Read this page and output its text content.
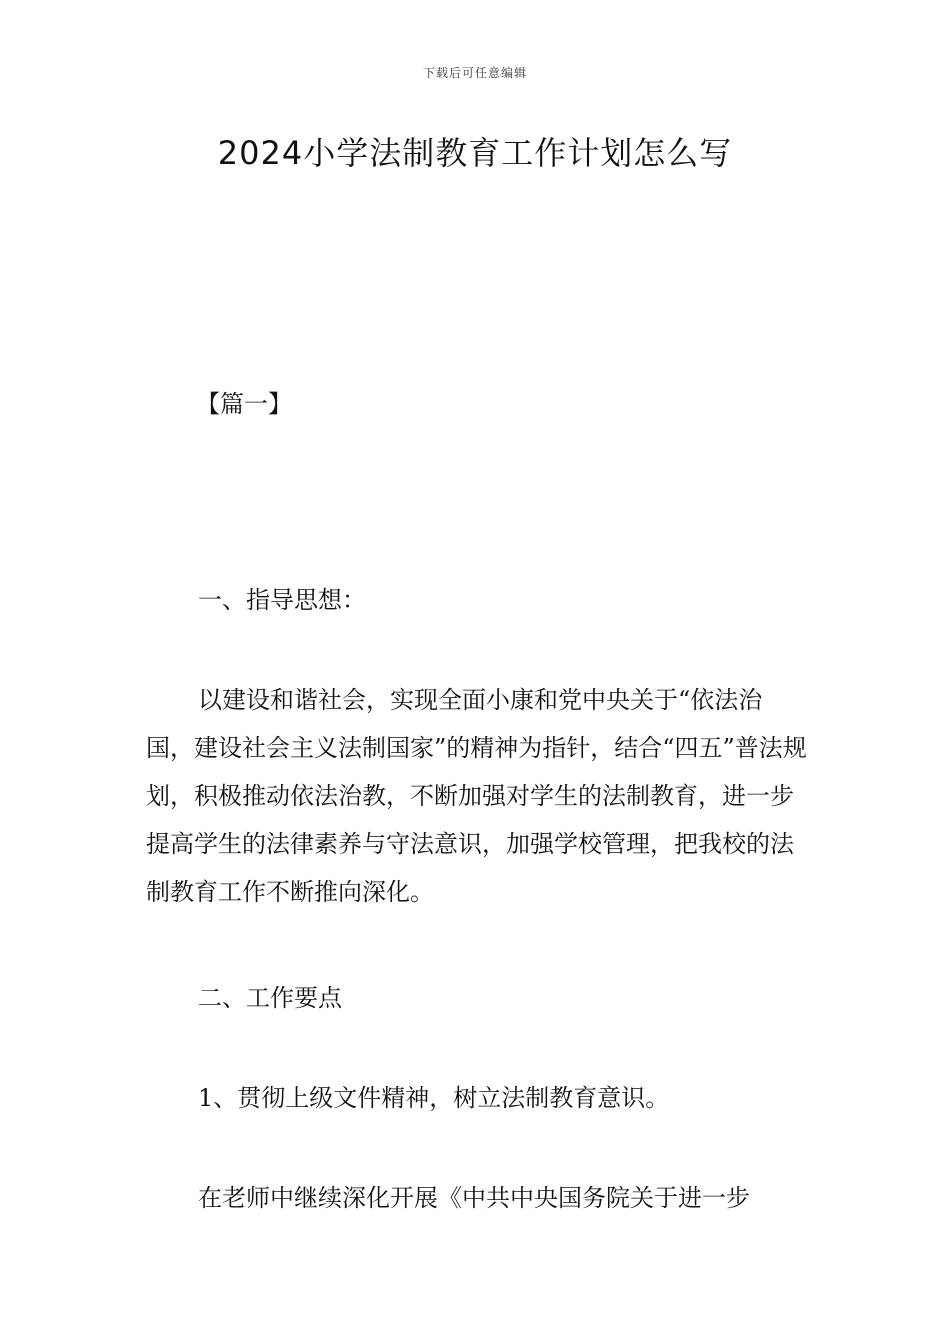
下载后可任意编辑
2024小学法制教育工作计划怎么写

【篇一】

一、指导思想：

以建设和谐社会，实现全面小康和党中央关于“依法治国，建设社会主义法制国家”的精神为指针，结合“四五”普法规划，积极推动依法治教，不断加强对学生的法制教育，进一步提高学生的法律素养与守法意识，加强学校管理，把我校的法制教育工作不断推向深化。

二、工作要点

1、贯彻上级文件精神，树立法制教育意识。

在老师中继续深化开展《中共中央国务院关于进一步
